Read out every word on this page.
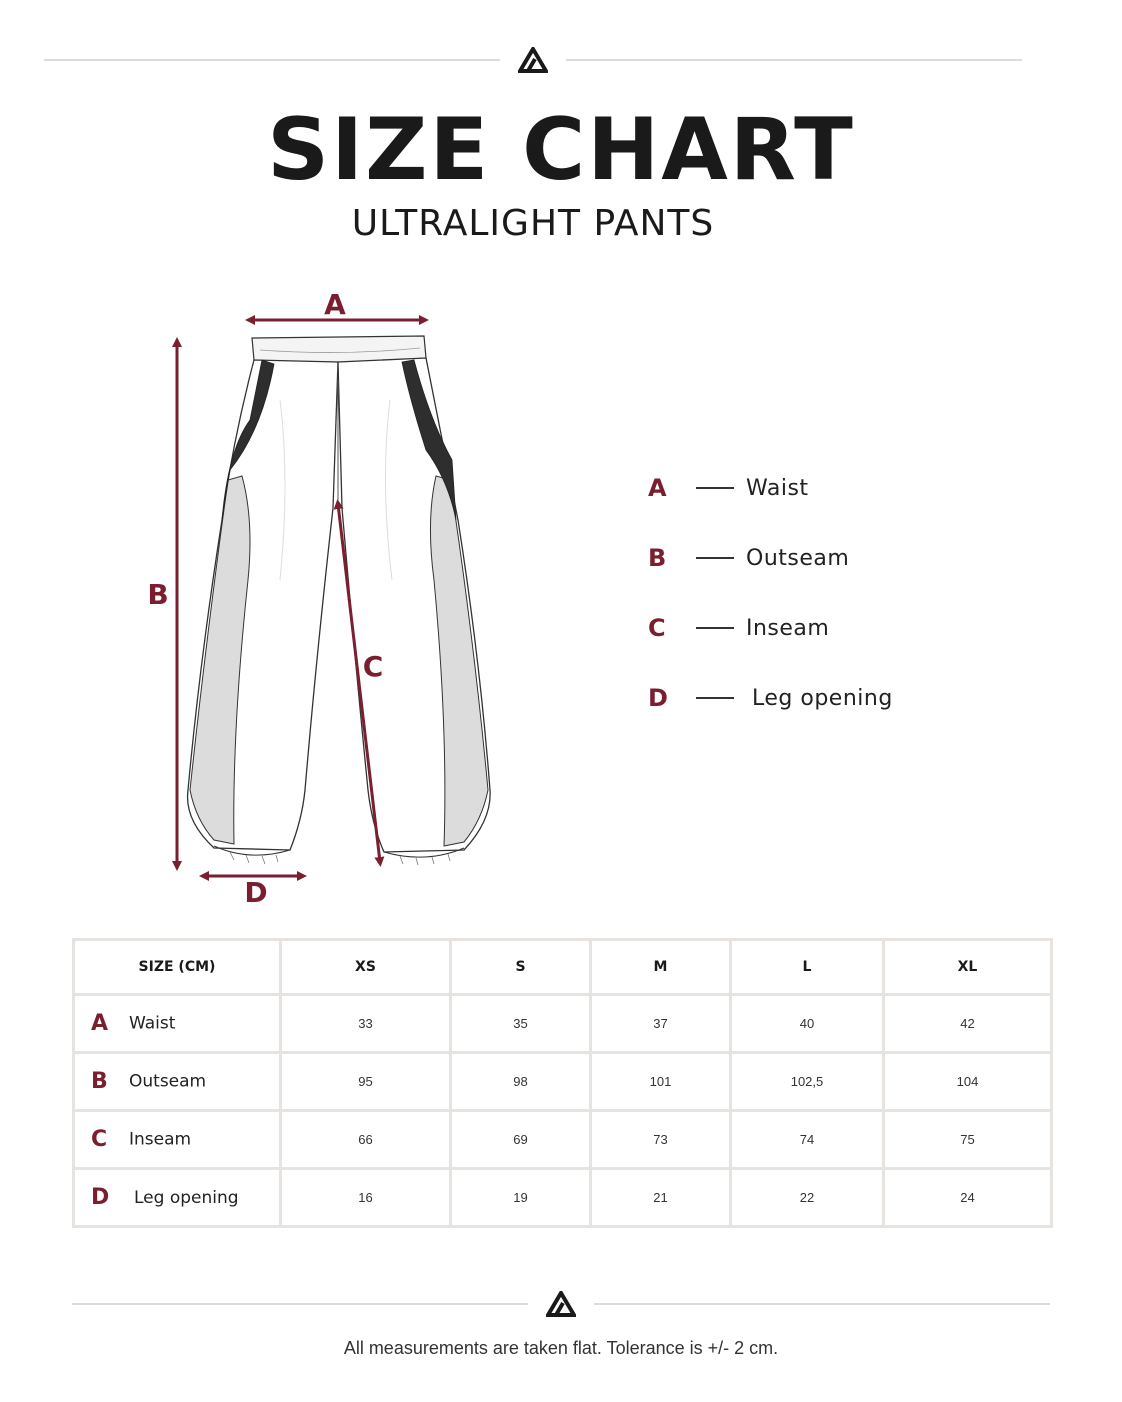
SIZE CHART
ULTRALIGHT PANTS
A
B
C
D
A	Waist
B	Outseam
C	Inseam
D	Leg opening
SIZE (CM)	XS	S	M	L	XL
A Waist	33	35	37	40	42
B Outseam	95	98	101	102,5	104
C Inseam	66	69	73	74	75
D Leg opening	16	19	21	22	24
All measurements are taken flat. Tolerance is +/- 2 cm.
